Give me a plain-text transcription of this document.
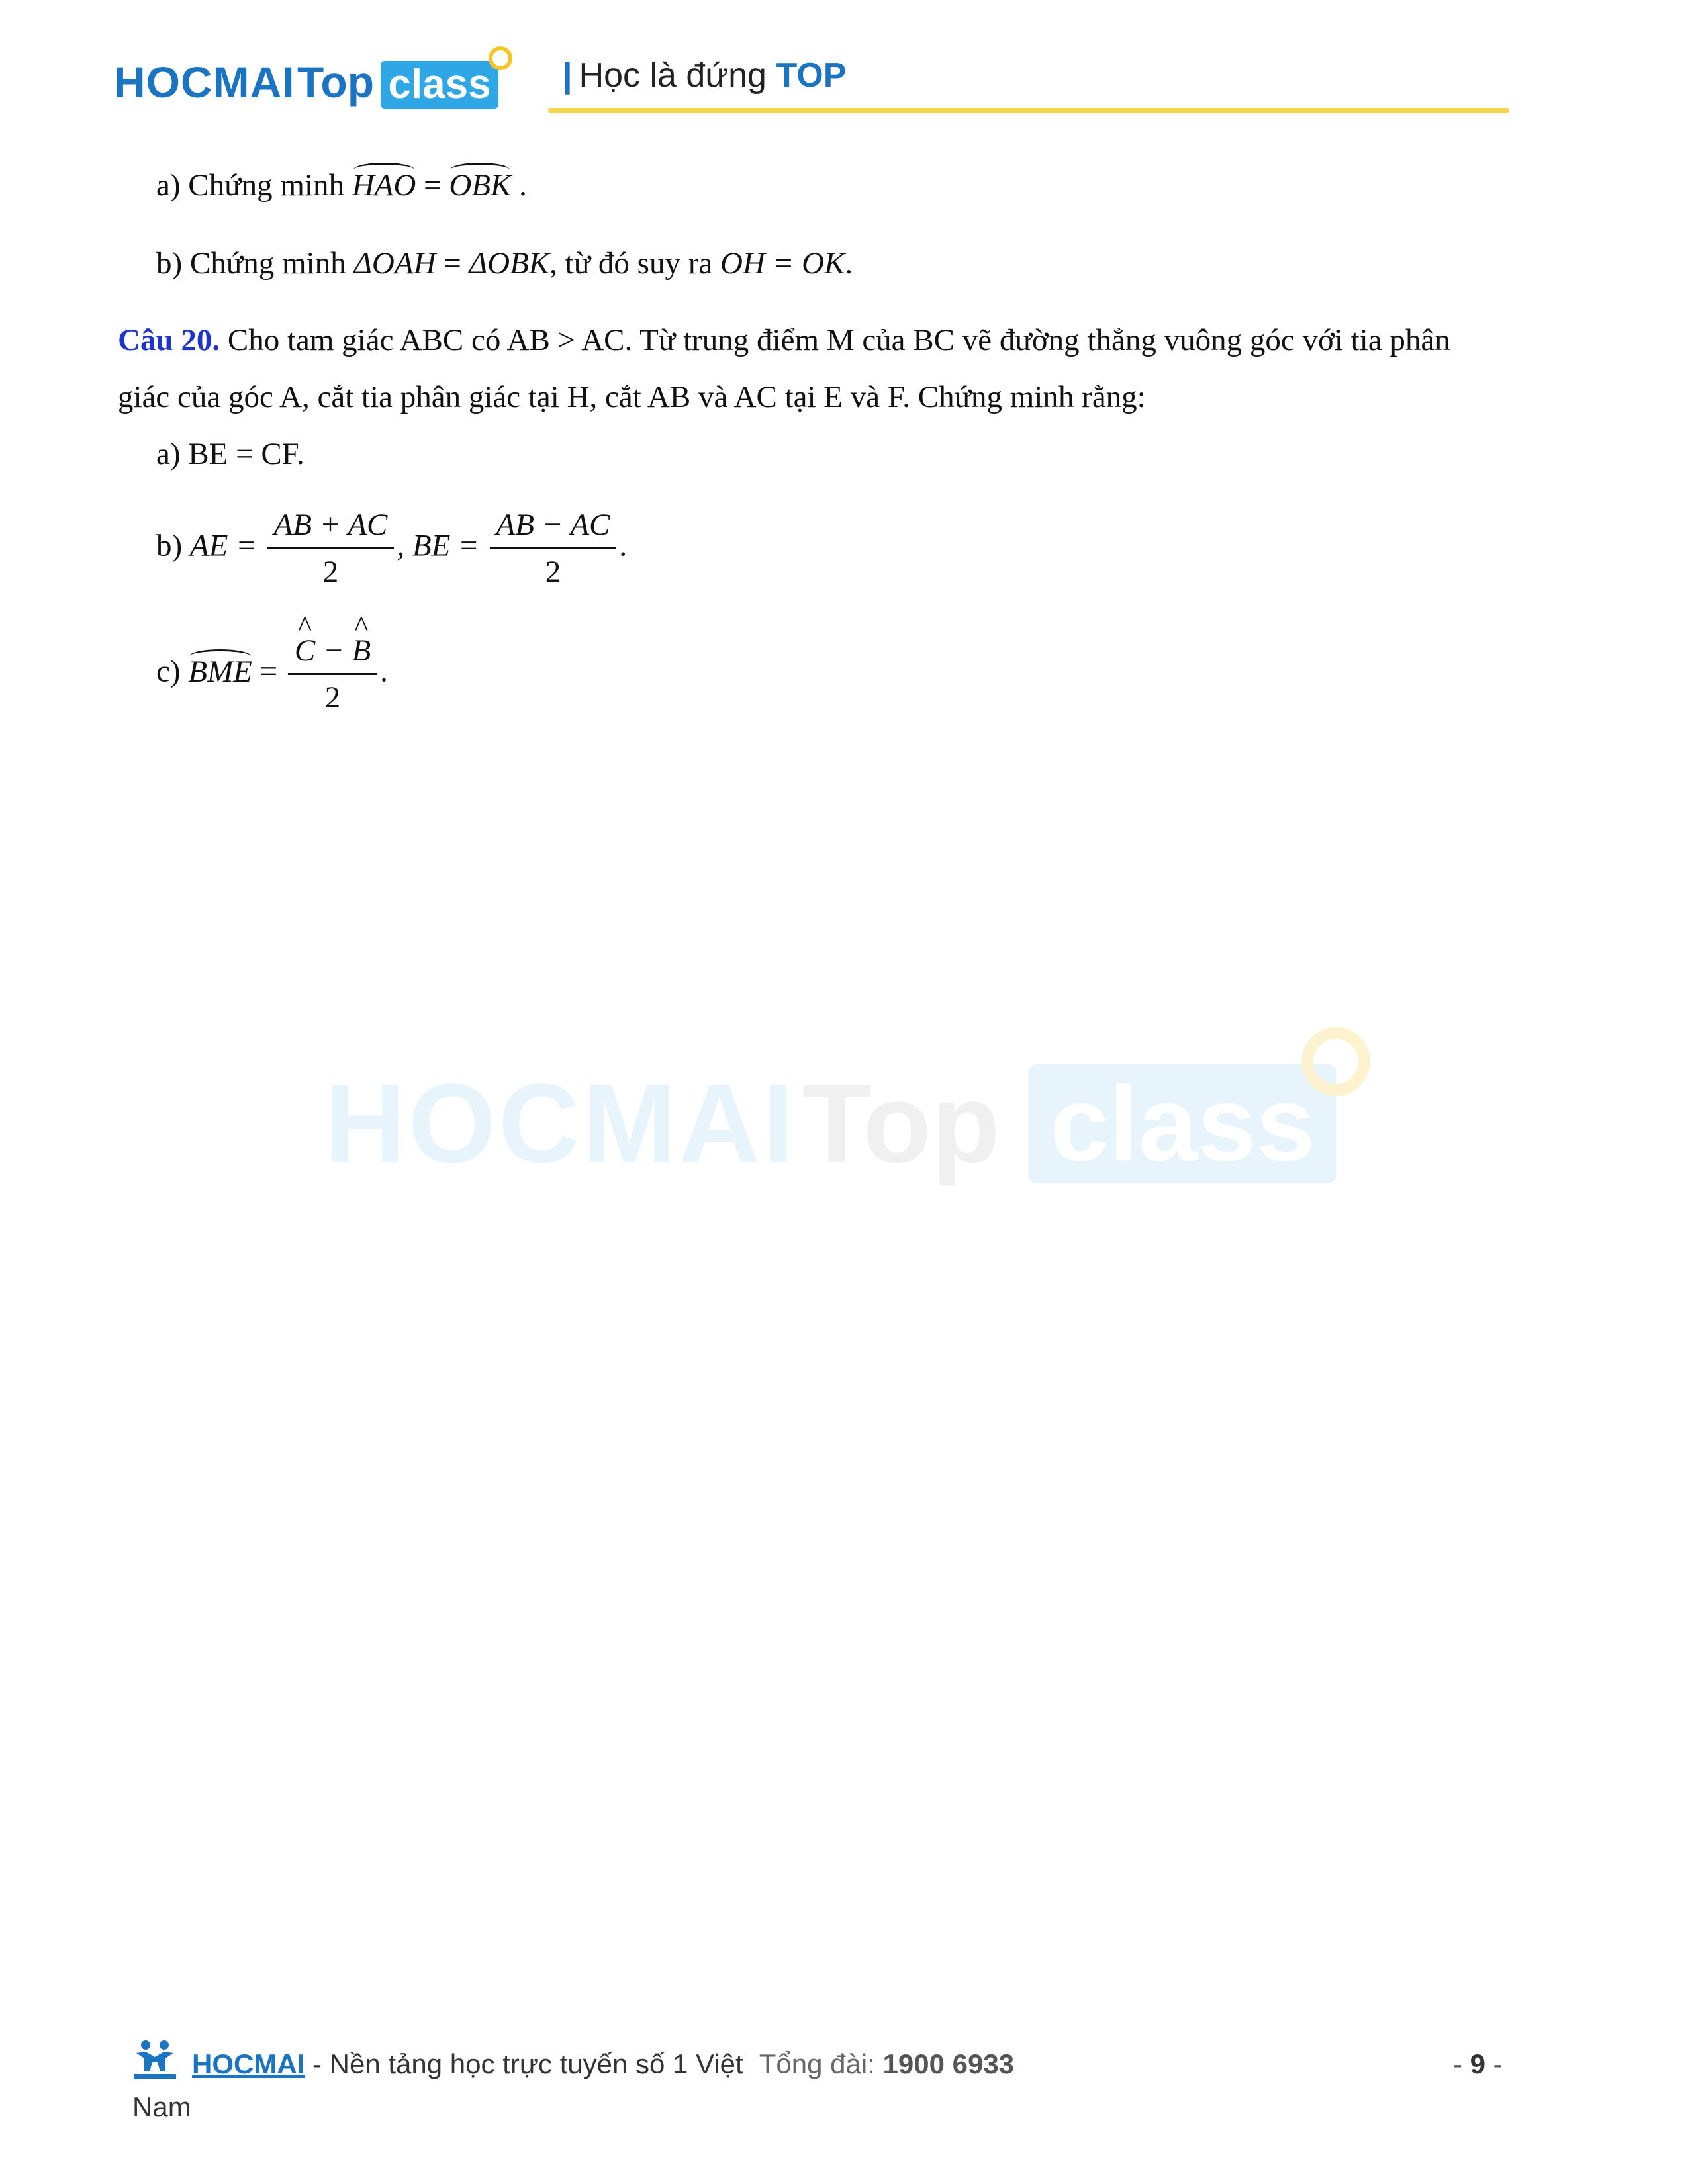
HOCMAI Top class | Học là đứng TOP
a) Chứng minh HAO = OBK .
b) Chứng minh ΔOAH = ΔOBK, từ đó suy ra OH = OK.
Câu 20. Cho tam giác ABC có AB > AC. Từ trung điểm M của BC vẽ đường thẳng vuông góc với tia phân
giác của góc A, cắt tia phân giác tại H, cắt AB và AC tại E và F. Chứng minh rằng:
a) BE = CF.
b) AE = $\frac{AB + AC}{2}$ , BE = $\frac{AB - AC}{2}$ .
c) BME =
^ $\frac{C - \^{} B}{2}$ .
HOCMAI Top class
HOCMAI - Nền tảng học trực tuyến số 1 Việt Tổng đài: 1900 6933	- 9 -
Nam
